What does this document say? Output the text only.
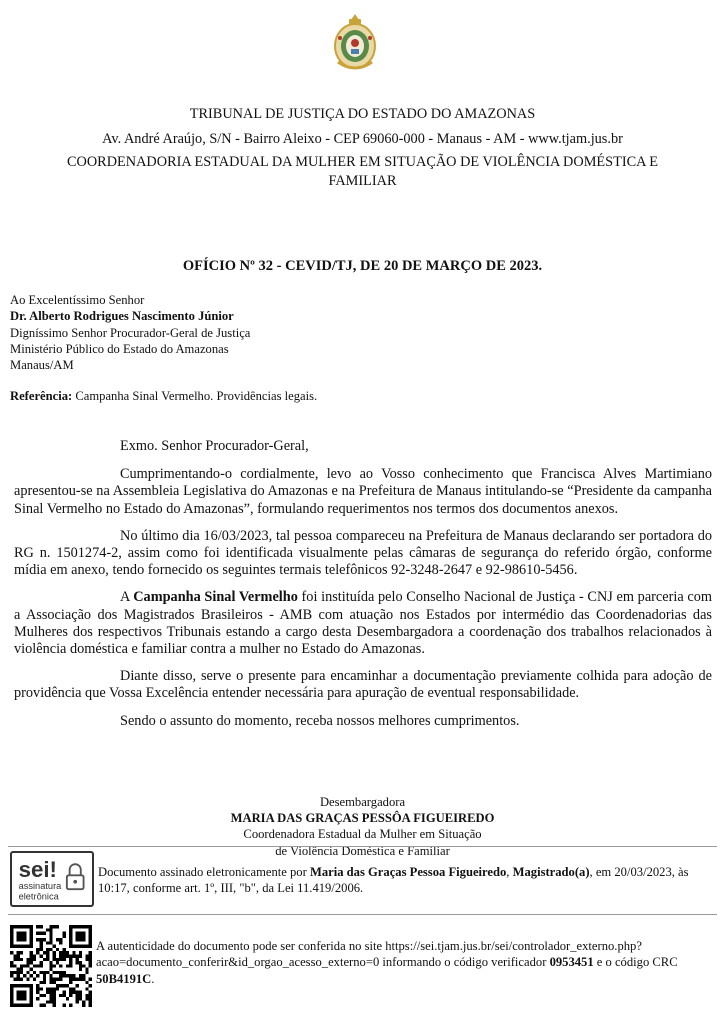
TRIBUNAL DE JUSTIÇA DO ESTADO DO AMAZONAS
Av. André Araújo, S/N - Bairro Aleixo - CEP 69060-000 - Manaus - AM - www.tjam.jus.br
COORDENADORIA ESTADUAL DA MULHER EM SITUAÇÃO DE VIOLÊNCIA DOMÉSTICA E FAMILIAR
OFÍCIO Nº 32 - CEVID/TJ, DE 20 DE MARÇO DE 2023.
Ao Excelentíssimo Senhor
Dr. Alberto Rodrigues Nascimento Júnior
Digníssimo Senhor Procurador-Geral de Justiça
Ministério Público do Estado do Amazonas
Manaus/AM
Referência: Campanha Sinal Vermelho. Providências legais.

Exmo. Senhor Procurador-Geral,

Cumprimentando-o cordialmente, levo ao Vosso conhecimento que Francisca Alves Martimiano apresentou-se na Assembleia Legislativa do Amazonas e na Prefeitura de Manaus intitulando-se “Presidente da campanha Sinal Vermelho no Estado do Amazonas”, formulando requerimentos nos termos dos documentos anexos.

No último dia 16/03/2023, tal pessoa compareceu na Prefeitura de Manaus declarando ser portadora do RG n. 1501274-2, assim como foi identificada visualmente pelas câmaras de segurança do referido órgão, conforme mídia em anexo, tendo fornecido os seguintes termais telefônicos 92-3248-2647 e 92-98610-5456.

A Campanha Sinal Vermelho foi instituída pelo Conselho Nacional de Justiça - CNJ em parceria com a Associação dos Magistrados Brasileiros - AMB com atuação nos Estados por intermédio das Coordenadorias das Mulheres dos respectivos Tribunais estando a cargo desta Desembargadora a coordenação dos trabalhos relacionados à violência doméstica e familiar contra a mulher no Estado do Amazonas.

Diante disso, serve o presente para encaminhar a documentação previamente colhida para adoção de providência que Vossa Excelência entender necessária para apuração de eventual responsabilidade.

Sendo o assunto do momento, receba nossos melhores cumprimentos.

Desembargadora
MARIA DAS GRAÇAS PESSÔA FIGUEIREDO
Coordenadora Estadual da Mulher em Situação
de Violência Doméstica e Familiar
sei!
assinatura
eletrônica
Documento assinado eletronicamente por Maria das Graças Pessoa Figueiredo, Magistrado(a), em 20/03/2023, às 10:17, conforme art. 1º, III, "b", da Lei 11.419/2006.
A autenticidade do documento pode ser conferida no site https://sei.tjam.jus.br/sei/controlador_externo.php?acao=documento_conferir&id_orgao_acesso_externo=0 informando o código verificador 0953451 e o código CRC 50B4191C.
